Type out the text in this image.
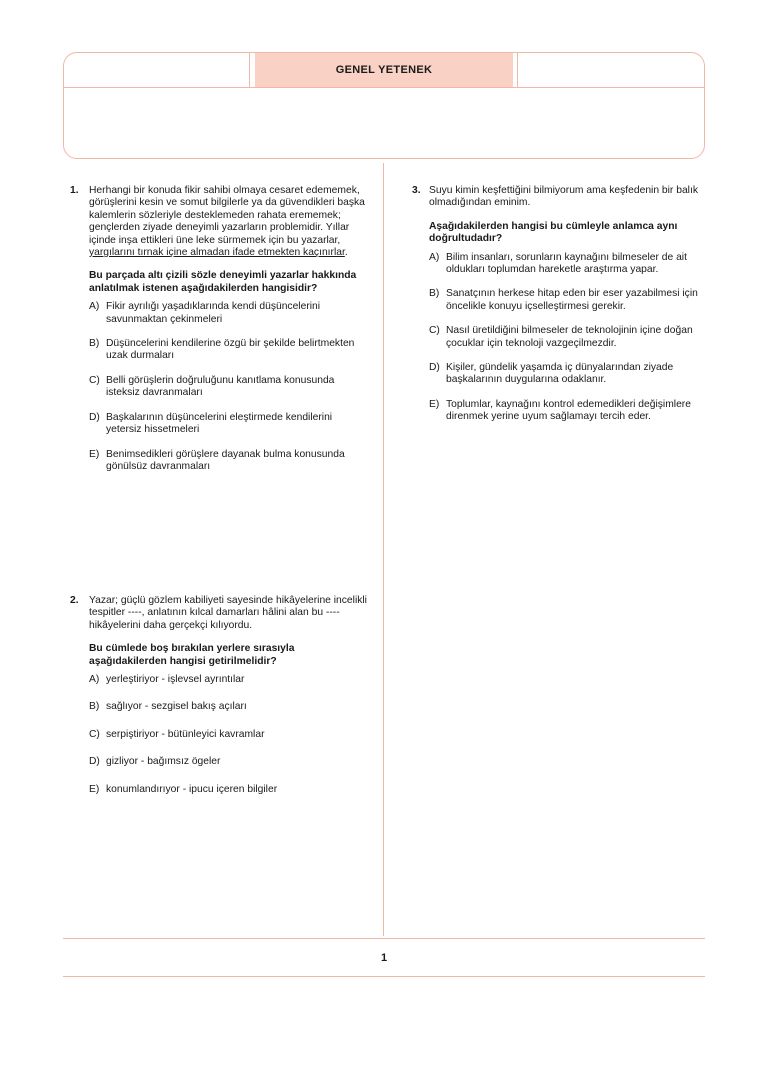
GENEL YETENEK
1. Herhangi bir konuda fikir sahibi olmaya cesaret edememek, görüşlerini kesin ve somut bilgilerle ya da güvendikleri başka kalemlerin sözleriyle desteklemeden rahata erememek; gençlerden ziyade deneyimli yazarların problemidir. Yıllar içinde inşa ettikleri üne leke sürmemek için bu yazarlar, yargılarını tırnak içine almadan ifade etmekten kaçınırlar.

Bu parçada altı çizili sözle deneyimli yazarlar hakkında anlatılmak istenen aşağıdakilerden hangisidir?

A) Fikir ayrılığı yaşadıklarında kendi düşüncelerini savunmaktan çekinmeleri
B) Düşüncelerini kendilerine özgü bir şekilde belirtmekten uzak durmaları
C) Belli görüşlerin doğruluğunu kanıtlama konusunda isteksiz davranmaları
D) Başkalarının düşüncelerini eleştirmede kendilerini yetersiz hissetmeleri
E) Benimsedikleri görüşlere dayanak bulma konusunda gönülsüz davranmaları
2. Yazar; güçlü gözlem kabiliyeti sayesinde hikâyelerine incelikli tespitler ----, anlatının kılcal damarları hâlini alan bu ---- hikâyelerini daha gerçekçi kılıyordu.

Bu cümlede boş bırakılan yerlere sırasıyla aşağıdakilerden hangisi getirilmelidir?

A) yerleştiriyor - işlevsel ayrıntılar
B) sağlıyor - sezgisel bakış açıları
C) serpiştiriyor - bütünleyici kavramlar
D) gizliyor - bağımsız ögeler
E) konumlandırıyor - ipucu içeren bilgiler
3. Suyu kimin keşfettiğini bilmiyorum ama keşfedenin bir balık olmadığından eminim.

Aşağıdakilerden hangisi bu cümleyle anlamca aynı doğrultudadır?

A) Bilim insanları, sorunların kaynağını bilmeseler de ait oldukları toplumdan hareketle araştırma yapar.
B) Sanatçının herkese hitap eden bir eser yazabilmesi için öncelikle konuyu içselleştirmesi gerekir.
C) Nasıl üretildiğini bilmeseler de teknolojinin içine doğan çocuklar için teknoloji vazgeçilmezdir.
D) Kişiler, gündelik yaşamda iç dünyalarından ziyade başkalarının duygularına odaklanır.
E) Toplumlar, kaynağını kontrol edemedikleri değişimlere direnmek yerine uyum sağlamayı tercih eder.
1
